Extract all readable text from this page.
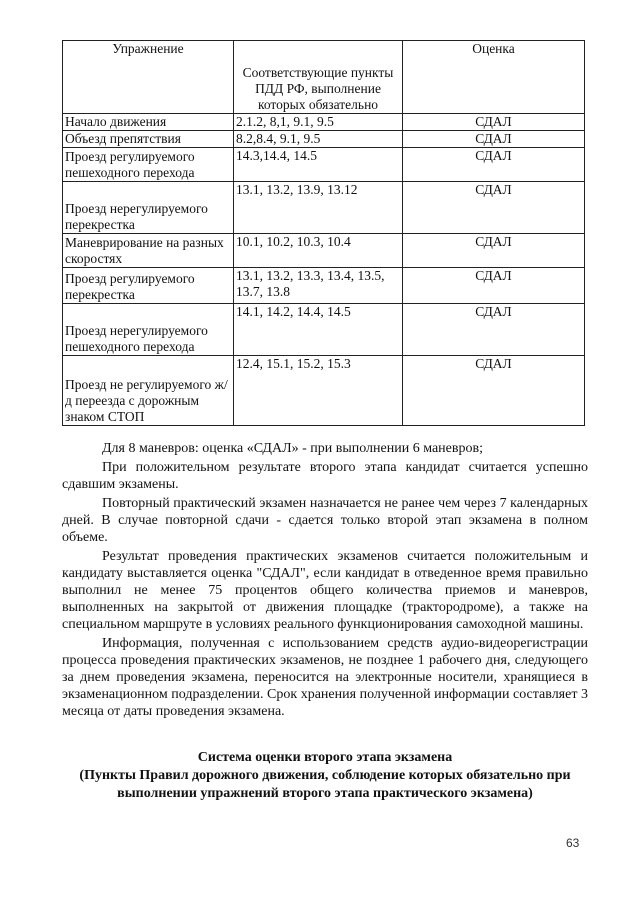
Упражнение	Соответствующие пункты ПДД РФ, выполнение которых обязательно	Оценка
Начало движения	2.1.2, 8,1, 9.1, 9.5	СДАЛ
Объезд препятствия	8.2,8.4, 9.1, 9.5	СДАЛ
Проезд регулируемого пешеходного перехода	14.3,14.4, 14.5	СДАЛ
Проезд нерегулируемого перекрестка	13.1, 13.2, 13.9, 13.12	СДАЛ
Маневрирование на разных скоростях	10.1, 10.2, 10.3, 10.4	СДАЛ
Проезд регулируемого перекрестка	13.1, 13.2, 13.3, 13.4, 13.5, 13.7, 13.8	СДАЛ
Проезд нерегулируемого пешеходного перехода	14.1, 14.2, 14.4, 14.5	СДАЛ
Проезд не регулируемого ж/д переезда с дорожным знаком СТОП	12.4, 15.1, 15.2, 15.3	СДАЛ

Для 8 маневров: оценка «СДАЛ» - при выполнении 6 маневров;

При положительном результате второго этапа кандидат считается успешно сдавшим экзамены.

Повторный практический экзамен назначается не ранее чем через 7 календарных дней. В случае повторной сдачи - сдается только второй этап экзамена в полном объеме.

Результат проведения практических экзаменов считается положительным и кандидату выставляется оценка "СДАЛ", если кандидат в отведенное время правильно выполнил не менее 75 процентов общего количества приемов и маневров, выполненных на закрытой от движения площадке (трактородроме), а также на специальном маршруте в условиях реального функционирования самоходной машины.

Информация, полученная с использованием средств аудио-видеорегистрации процесса проведения практических экзаменов, не позднее 1 рабочего дня, следующего за днем проведения экзамена, переносится на электронные носители, хранящиеся в экзаменационном подразделении. Срок хранения полученной информации составляет 3 месяца от даты проведения экзамена.

Система оценки второго этапа экзамена
(Пункты Правил дорожного движения, соблюдение которых обязательно при выполнении упражнений второго этапа практического экзамена)
63
